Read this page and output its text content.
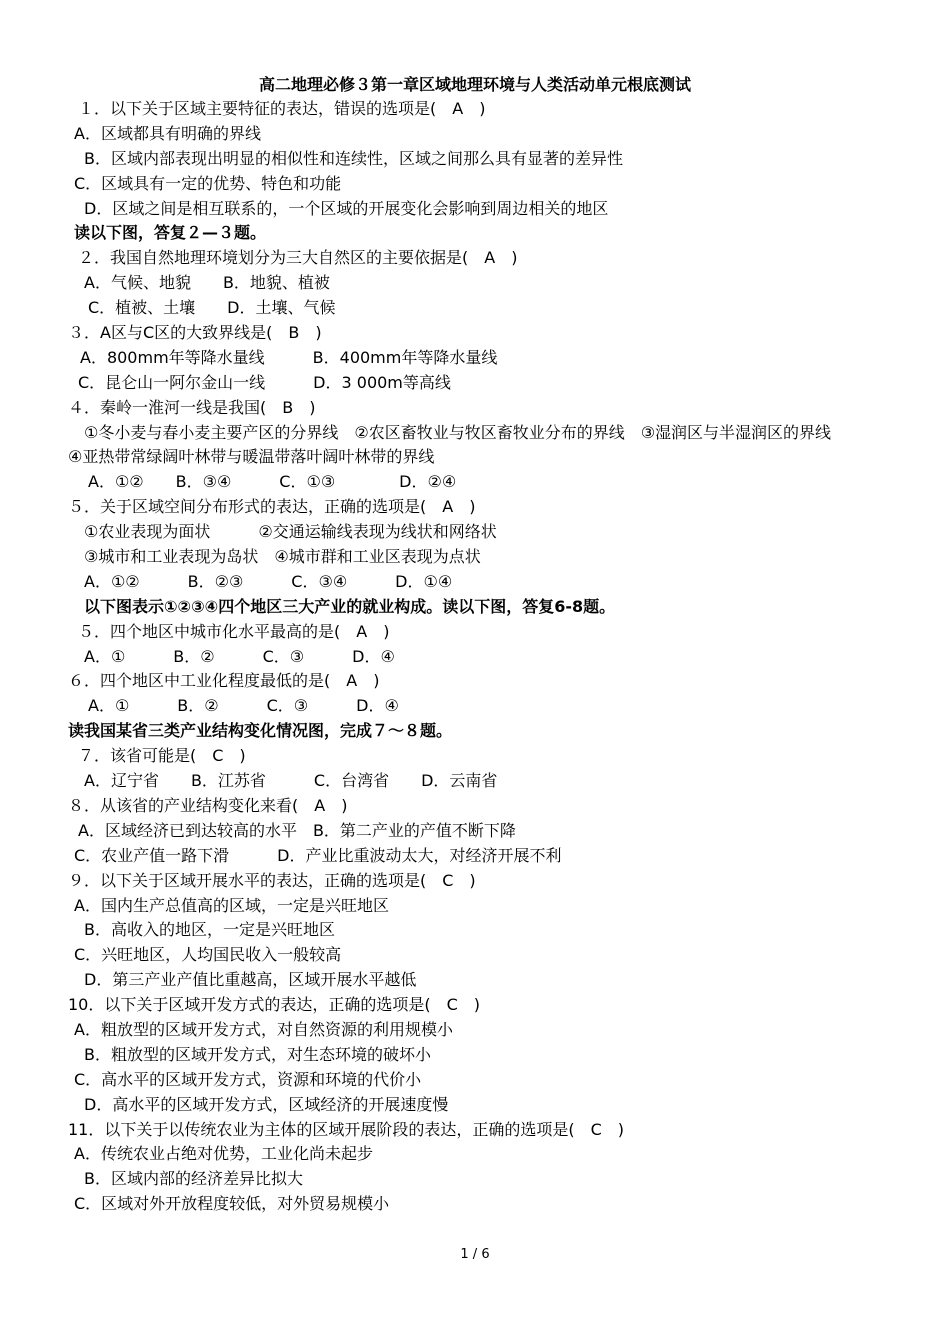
高二地理必修３第一章区域地理环境与人类活动单元根底测试
１．以下关于区域主要特征的表达，错误的选项是(　A　)
A．区域都具有明确的界线
B．区域内部表现出明显的相似性和连续性，区域之间那么具有显著的差异性
C．区域具有一定的优势、特色和功能
D．区域之间是相互联系的，一个区域的开展变化会影响到周边相关的地区
读以下图，答复２—３题。
２．我国自然地理环境划分为三大自然区的主要依据是(　A　)
A．气候、地貌　　B．地貌、植被
C．植被、土壤　　D．土壤、气候
３．A区与C区的大致界线是(　B　)
A．800mm年等降水量线　　　B．400mm年等降水量线
C．昆仑山一阿尔金山一线　　　D．3 000m等高线
４．秦岭一淮河一线是我国(　B　)
①冬小麦与春小麦主要产区的分界线　②农区畜牧业与牧区畜牧业分布的界线　③湿润区与半湿润区的界线
④亚热带常绿阔叶林带与暖温带落叶阔叶林带的界线
A．①②　　B．③④　　　C．①③　　　　D．②④
５．关于区域空间分布形式的表达，正确的选项是(　A　)
①农业表现为面状　　　②交通运输线表现为线状和网络状
③城市和工业表现为岛状　④城市群和工业区表现为点状
A．①②　　　B．②③　　　C．③④　　　D．①④
以下图表示①②③④四个地区三大产业的就业构成。读以下图，答复6-8题。
５．四个地区中城市化水平最高的是(　A　)
A．①　　　B．②　　　C．③　　　D．④
６．四个地区中工业化程度最低的是(　A　)
A．①　　　B．②　　　C．③　　　D．④
读我国某省三类产业结构变化情况图，完成７～８题。
７．该省可能是(　C　)
A．辽宁省　　B．江苏省　　　C．台湾省　　D．云南省
８．从该省的产业结构变化来看(　A　)
A．区域经济已到达较高的水平　B．第二产业的产值不断下降
C．农业产值一路下滑　　　D．产业比重波动太大，对经济开展不利
９．以下关于区域开展水平的表达，正确的选项是(　C　)
A．国内生产总值高的区域，一定是兴旺地区
B．高收入的地区，一定是兴旺地区
C．兴旺地区，人均国民收入一般较高
D．第三产业产值比重越高，区域开展水平越低
10．以下关于区域开发方式的表达，正确的选项是(　C　)
A．粗放型的区域开发方式，对自然资源的利用规模小
B．粗放型的区域开发方式，对生态环境的破坏小
C．高水平的区域开发方式，资源和环境的代价小
D．高水平的区域开发方式，区域经济的开展速度慢
11．以下关于以传统农业为主体的区域开展阶段的表达，正确的选项是(　C　)
A．传统农业占绝对优势，工业化尚未起步
B．区域内部的经济差异比拟大
C．区域对外开放程度较低，对外贸易规模小
1 / 6
